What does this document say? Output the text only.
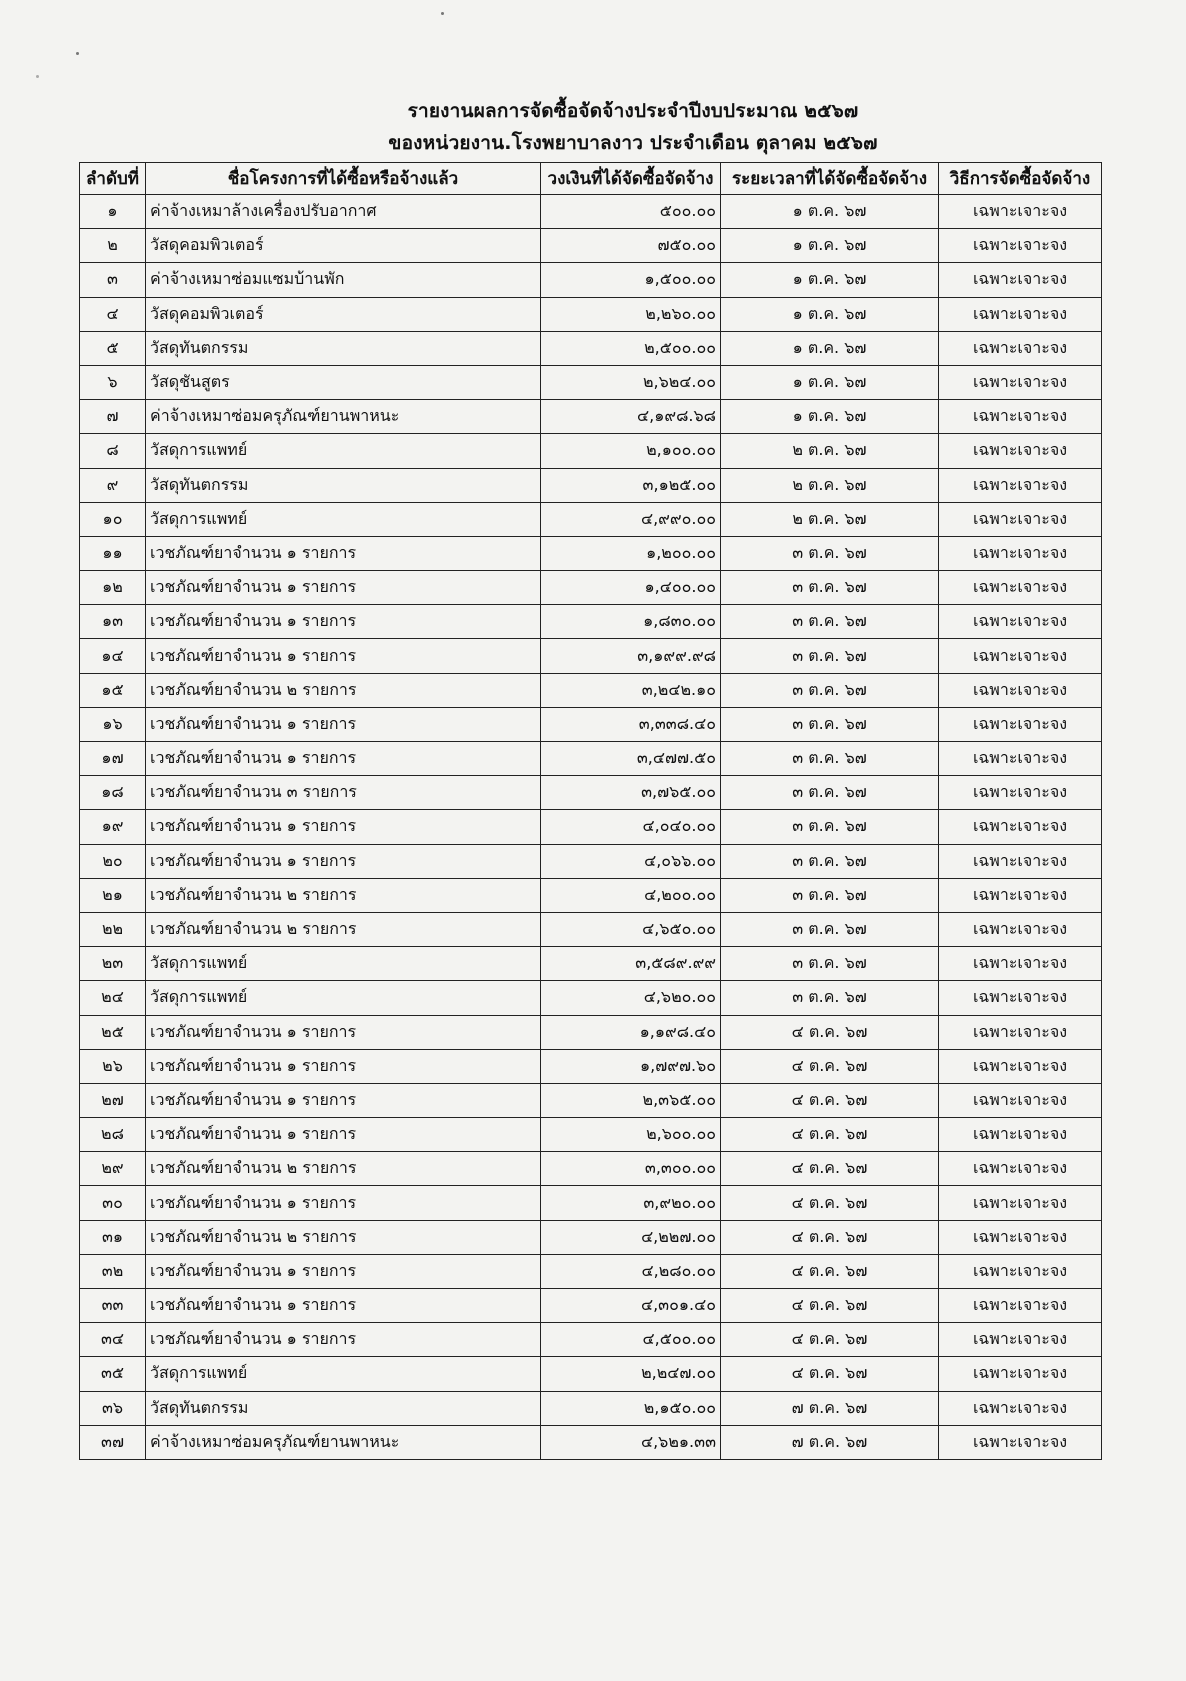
รายงานผลการจัดซื้อจัดจ้างประจำปีงบประมาณ ๒๕๖๗
ของหน่วยงาน.โรงพยาบาลงาว ประจำเดือน ตุลาคม ๒๕๖๗
ลำดับที่	ชื่อโครงการที่ได้ซื้อหรือจ้างแล้ว	วงเงินที่ได้จัดซื้อจัดจ้าง	ระยะเวลาที่ได้จัดซื้อจัดจ้าง	วิธีการจัดซื้อจัดจ้าง
๑	ค่าจ้างเหมาล้างเครื่องปรับอากาศ	๕๐๐.๐๐	๑ ต.ค. ๖๗	เฉพาะเจาะจง
๒	วัสดุคอมพิวเตอร์	๗๕๐.๐๐	๑ ต.ค. ๖๗	เฉพาะเจาะจง
๓	ค่าจ้างเหมาซ่อมแซมบ้านพัก	๑,๕๐๐.๐๐	๑ ต.ค. ๖๗	เฉพาะเจาะจง
๔	วัสดุคอมพิวเตอร์	๒,๒๖๐.๐๐	๑ ต.ค. ๖๗	เฉพาะเจาะจง
๕	วัสดุทันตกรรม	๒,๕๐๐.๐๐	๑ ต.ค. ๖๗	เฉพาะเจาะจง
๖	วัสดุชันสูตร	๒,๖๒๔.๐๐	๑ ต.ค. ๖๗	เฉพาะเจาะจง
๗	ค่าจ้างเหมาซ่อมครุภัณฑ์ยานพาหนะ	๔,๑๙๘.๖๘	๑ ต.ค. ๖๗	เฉพาะเจาะจง
๘	วัสดุการแพทย์	๒,๑๐๐.๐๐	๒ ต.ค. ๖๗	เฉพาะเจาะจง
๙	วัสดุทันตกรรม	๓,๑๒๕.๐๐	๒ ต.ค. ๖๗	เฉพาะเจาะจง
๑๐	วัสดุการแพทย์	๔,๙๙๐.๐๐	๒ ต.ค. ๖๗	เฉพาะเจาะจง
๑๑	เวชภัณฑ์ยาจำนวน ๑ รายการ	๑,๒๐๐.๐๐	๓ ต.ค. ๖๗	เฉพาะเจาะจง
๑๒	เวชภัณฑ์ยาจำนวน ๑ รายการ	๑,๔๐๐.๐๐	๓ ต.ค. ๖๗	เฉพาะเจาะจง
๑๓	เวชภัณฑ์ยาจำนวน ๑ รายการ	๑,๘๓๐.๐๐	๓ ต.ค. ๖๗	เฉพาะเจาะจง
๑๔	เวชภัณฑ์ยาจำนวน ๑ รายการ	๓,๑๙๙.๙๘	๓ ต.ค. ๖๗	เฉพาะเจาะจง
๑๕	เวชภัณฑ์ยาจำนวน ๒ รายการ	๓,๒๔๒.๑๐	๓ ต.ค. ๖๗	เฉพาะเจาะจง
๑๖	เวชภัณฑ์ยาจำนวน ๑ รายการ	๓,๓๓๘.๔๐	๓ ต.ค. ๖๗	เฉพาะเจาะจง
๑๗	เวชภัณฑ์ยาจำนวน ๑ รายการ	๓,๔๗๗.๕๐	๓ ต.ค. ๖๗	เฉพาะเจาะจง
๑๘	เวชภัณฑ์ยาจำนวน ๓ รายการ	๓,๗๖๕.๐๐	๓ ต.ค. ๖๗	เฉพาะเจาะจง
๑๙	เวชภัณฑ์ยาจำนวน ๑ รายการ	๔,๐๔๐.๐๐	๓ ต.ค. ๖๗	เฉพาะเจาะจง
๒๐	เวชภัณฑ์ยาจำนวน ๑ รายการ	๔,๐๖๖.๐๐	๓ ต.ค. ๖๗	เฉพาะเจาะจง
๒๑	เวชภัณฑ์ยาจำนวน ๒ รายการ	๔,๒๐๐.๐๐	๓ ต.ค. ๖๗	เฉพาะเจาะจง
๒๒	เวชภัณฑ์ยาจำนวน ๒ รายการ	๔,๖๕๐.๐๐	๓ ต.ค. ๖๗	เฉพาะเจาะจง
๒๓	วัสดุการแพทย์	๓,๕๘๙.๙๙	๓ ต.ค. ๖๗	เฉพาะเจาะจง
๒๔	วัสดุการแพทย์	๔,๖๒๐.๐๐	๓ ต.ค. ๖๗	เฉพาะเจาะจง
๒๕	เวชภัณฑ์ยาจำนวน ๑ รายการ	๑,๑๙๘.๔๐	๔ ต.ค. ๖๗	เฉพาะเจาะจง
๒๖	เวชภัณฑ์ยาจำนวน ๑ รายการ	๑,๗๙๗.๖๐	๔ ต.ค. ๖๗	เฉพาะเจาะจง
๒๗	เวชภัณฑ์ยาจำนวน ๑ รายการ	๒,๓๖๕.๐๐	๔ ต.ค. ๖๗	เฉพาะเจาะจง
๒๘	เวชภัณฑ์ยาจำนวน ๑ รายการ	๒,๖๐๐.๐๐	๔ ต.ค. ๖๗	เฉพาะเจาะจง
๒๙	เวชภัณฑ์ยาจำนวน ๒ รายการ	๓,๓๐๐.๐๐	๔ ต.ค. ๖๗	เฉพาะเจาะจง
๓๐	เวชภัณฑ์ยาจำนวน ๑ รายการ	๓,๙๒๐.๐๐	๔ ต.ค. ๖๗	เฉพาะเจาะจง
๓๑	เวชภัณฑ์ยาจำนวน ๒ รายการ	๔,๒๒๗.๐๐	๔ ต.ค. ๖๗	เฉพาะเจาะจง
๓๒	เวชภัณฑ์ยาจำนวน ๑ รายการ	๔,๒๘๐.๐๐	๔ ต.ค. ๖๗	เฉพาะเจาะจง
๓๓	เวชภัณฑ์ยาจำนวน ๑ รายการ	๔,๓๐๑.๔๐	๔ ต.ค. ๖๗	เฉพาะเจาะจง
๓๔	เวชภัณฑ์ยาจำนวน ๑ รายการ	๔,๕๐๐.๐๐	๔ ต.ค. ๖๗	เฉพาะเจาะจง
๓๕	วัสดุการแพทย์	๒,๒๔๗.๐๐	๔ ต.ค. ๖๗	เฉพาะเจาะจง
๓๖	วัสดุทันตกรรม	๒,๑๕๐.๐๐	๗ ต.ค. ๖๗	เฉพาะเจาะจง
๓๗	ค่าจ้างเหมาซ่อมครุภัณฑ์ยานพาหนะ	๔,๖๒๑.๓๓	๗ ต.ค. ๖๗	เฉพาะเจาะจง
